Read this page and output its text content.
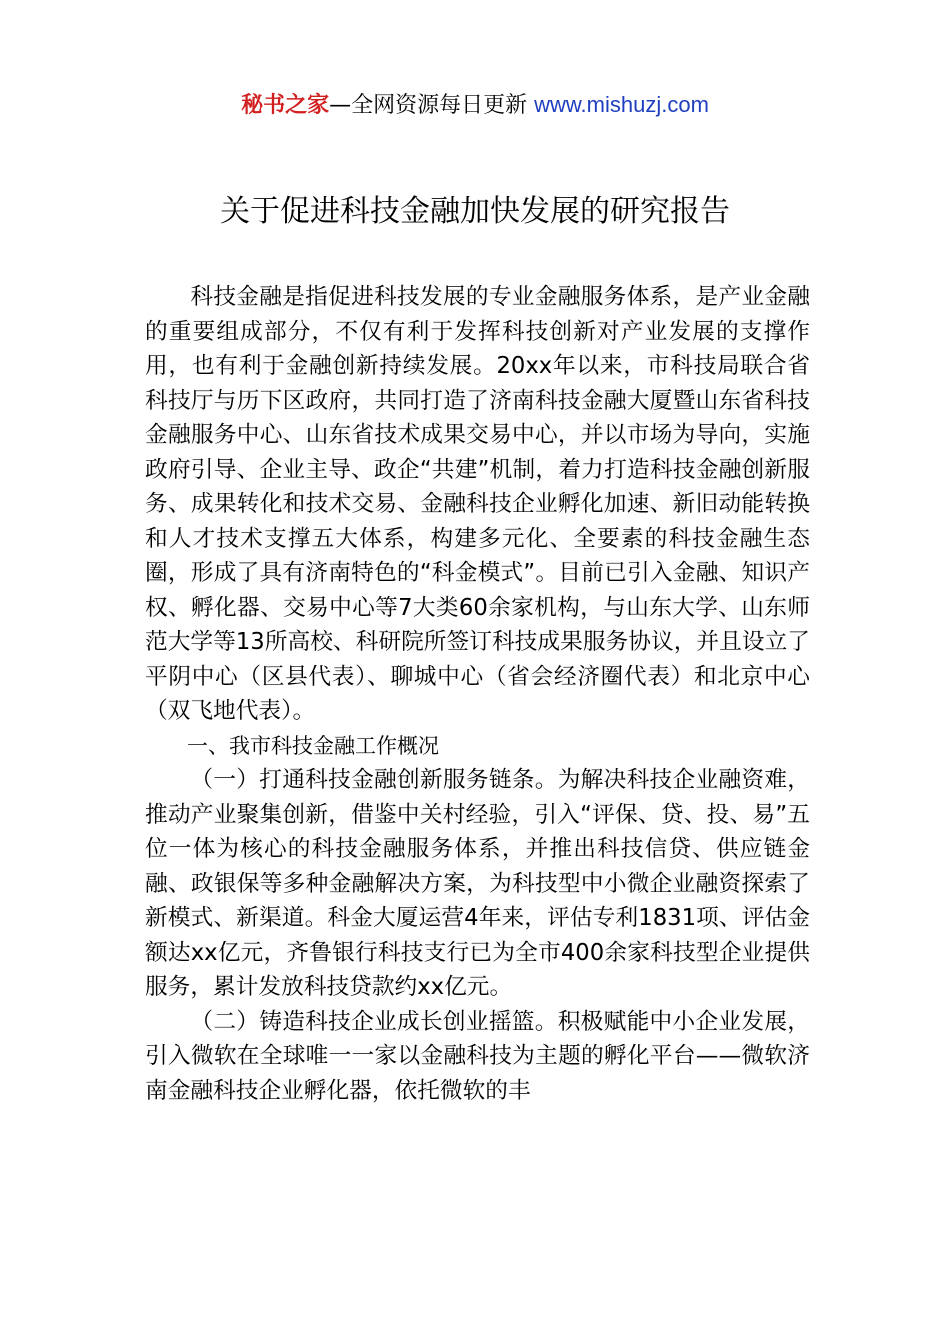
秘书之家—全网资源每日更新 www.mishuzj.com
关于促进科技金融加快发展的研究报告

科技金融是指促进科技发展的专业金融服务体系，是产业金融的重要组成部分，不仅有利于发挥科技创新对产业发展的支撑作用，也有利于金融创新持续发展。20xx年以来，市科技局联合省科技厅与历下区政府，共同打造了济南科技金融大厦暨山东省科技金融服务中心、山东省技术成果交易中心，并以市场为导向，实施政府引导、企业主导、政企“共建”机制，着力打造科技金融创新服务、成果转化和技术交易、金融科技企业孵化加速、新旧动能转换和人才技术支撑五大体系，构建多元化、全要素的科技金融生态圈，形成了具有济南特色的“科金模式”。目前已引入金融、知识产权、孵化器、交易中心等7大类60余家机构，与山东大学、山东师范大学等13所高校、科研院所签订科技成果服务协议，并且设立了平阴中心（区县代表）、聊城中心（省会经济圈代表）和北京中心（双飞地代表）。

一、我市科技金融工作概况

（一）打通科技金融创新服务链条。为解决科技企业融资难，推动产业聚集创新，借鉴中关村经验，引入“评保、贷、投、易”五位一体为核心的科技金融服务体系，并推出科技信贷、供应链金融、政银保等多种金融解决方案，为科技型中小微企业融资探索了新模式、新渠道。科金大厦运营4年来，评估专利1831项、评估金额达xx亿元，齐鲁银行科技支行已为全市400余家科技型企业提供服务，累计发放科技贷款约xx亿元。

（二）铸造科技企业成长创业摇篮。积极赋能中小企业发展，引入微软在全球唯一一家以金融科技为主题的孵化平台——微软济南金融科技企业孵化器，依托微软的丰
